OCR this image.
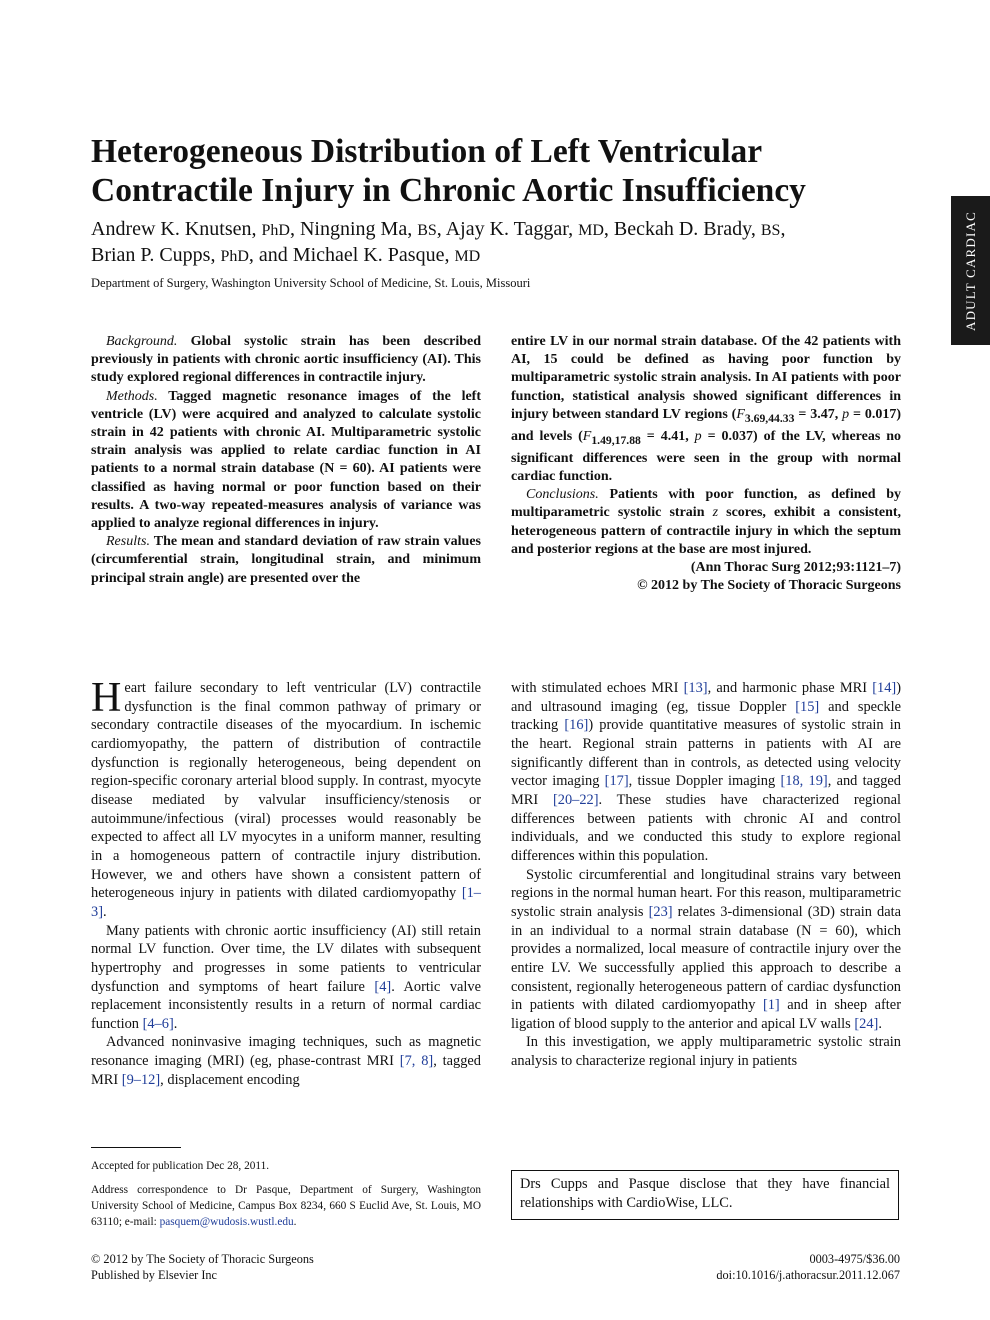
ADULT CARDIAC
Heterogeneous Distribution of Left Ventricular Contractile Injury in Chronic Aortic Insufficiency
Andrew K. Knutsen, PhD, Ningning Ma, BS, Ajay K. Taggar, MD, Beckah D. Brady, BS,
Brian P. Cupps, PhD, and Michael K. Pasque, MD

Department of Surgery, Washington University School of Medicine, St. Louis, Missouri

Background. Global systolic strain has been described previously in patients with chronic aortic insufficiency (AI). This study explored regional differences in contractile injury.

Methods. Tagged magnetic resonance images of the left ventricle (LV) were acquired and analyzed to calculate systolic strain in 42 patients with chronic AI. Multiparametric systolic strain analysis was applied to relate cardiac function in AI patients to a normal strain database (N = 60). AI patients were classified as having normal or poor function based on their results. A two-way repeated-measures analysis of variance was applied to analyze regional differences in injury.

Results. The mean and standard deviation of raw strain values (circumferential strain, longitudinal strain, and minimum principal strain angle) are presented over the

entire LV in our normal strain database. Of the 42 patients with AI, 15 could be defined as having poor function by multiparametric systolic strain analysis. In AI patients with poor function, statistical analysis showed significant differences in injury between standard LV regions ($F_{3.69,44.33} = 3.47$, p = 0.017) and levels ($F_{1.49,17.88} = 4.41$, p = 0.037) of the LV, whereas no significant differences were seen in the group with normal cardiac function.

Conclusions. Patients with poor function, as defined by multiparametric systolic strain z scores, exhibit a consistent, heterogeneous pattern of contractile injury in which the septum and posterior regions at the base are most injured.

(Ann Thorac Surg 2012;93:1121–7)

© 2012 by The Society of Thoracic Surgeons

Heart failure secondary to left ventricular (LV) contractile dysfunction is the final common pathway of primary or secondary contractile diseases of the myocardium. In ischemic cardiomyopathy, the pattern of distribution of contractile dysfunction is regionally heterogeneous, being dependent on region-specific coronary arterial blood supply. In contrast, myocyte disease mediated by valvular insufficiency/stenosis or autoimmune/infectious (viral) processes would reasonably be expected to affect all LV myocytes in a uniform manner, resulting in a homogeneous pattern of contractile injury distribution. However, we and others have shown a consistent pattern of heterogeneous injury in patients with dilated cardiomyopathy [1–3].

Many patients with chronic aortic insufficiency (AI) still retain normal LV function. Over time, the LV dilates with subsequent hypertrophy and progresses in some patients to ventricular dysfunction and symptoms of heart failure [4]. Aortic valve replacement inconsistently results in a return of normal cardiac function [4–6].

Advanced noninvasive imaging techniques, such as magnetic resonance imaging (MRI) (eg, phase-contrast MRI [7, 8], tagged MRI [9–12], displacement encoding

with stimulated echoes MRI [13], and harmonic phase MRI [14]) and ultrasound imaging (eg, tissue Doppler [15] and speckle tracking [16]) provide quantitative measures of systolic strain in the heart. Regional strain patterns in patients with AI are significantly different than in controls, as detected using velocity vector imaging [17], tissue Doppler imaging [18, 19], and tagged MRI [20–22]. These studies have characterized regional differences between patients with chronic AI and control individuals, and we conducted this study to explore regional differences within this population.

Systolic circumferential and longitudinal strains vary between regions in the normal human heart. For this reason, multiparametric systolic strain analysis [23] relates 3-dimensional (3D) strain data in an individual to a normal strain database (N = 60), which provides a normalized, local measure of contractile injury over the entire LV. We successfully applied this approach to describe a consistent, regionally heterogeneous pattern of cardiac dysfunction in patients with dilated cardiomyopathy [1] and in sheep after ligation of blood supply to the anterior and apical LV walls [24].

In this investigation, we apply multiparametric systolic strain analysis to characterize regional injury in patients

Accepted for publication Dec 28, 2011.

Address correspondence to Dr Pasque, Department of Surgery, Washington University School of Medicine, Campus Box 8234, 660 S Euclid Ave, St. Louis, MO 63110; e-mail: pasquem@wudosis.wustl.edu.

Drs Cupps and Pasque disclose that they have financial relationships with CardioWise, LLC.
© 2012 by The Society of Thoracic Surgeons
Published by Elsevier Inc
0003-4975/$36.00
doi:10.1016/j.athoracsur.2011.12.067
